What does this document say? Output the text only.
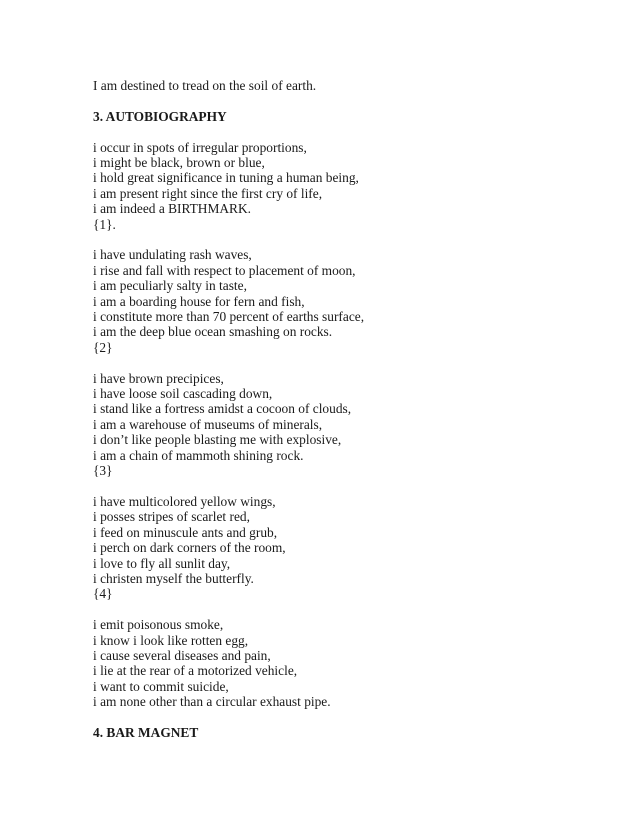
I am destined to tread on the soil of earth.
3. AUTOBIOGRAPHY
i occur in spots of irregular proportions,
i might be black, brown or blue,
i hold great significance in tuning a human being,
i am present right since the first cry of life,
i am indeed a BIRTHMARK.
{1}.
i have undulating rash waves,
i rise and fall with respect to placement of moon,
i am peculiarly salty in taste,
i am a boarding house for fern and fish,
i constitute more than 70 percent of earths surface,
i am the deep blue ocean smashing on rocks.
{2}
i have brown precipices,
i have loose soil cascading down,
i stand like a fortress amidst a cocoon of clouds,
i am a warehouse of museums of minerals,
i don’t like people blasting me with explosive,
i am a chain of mammoth shining rock.
{3}
i have multicolored yellow wings,
i posses stripes of scarlet red,
i feed on minuscule ants and grub,
i perch on dark corners of the room,
i love to fly all sunlit day,
i christen myself the butterfly.
{4}
i emit poisonous smoke,
i know i look like rotten egg,
i cause several diseases and pain,
i lie at the rear of a motorized vehicle,
i want to commit suicide,
i am none other than a circular exhaust pipe.
4. BAR MAGNET
